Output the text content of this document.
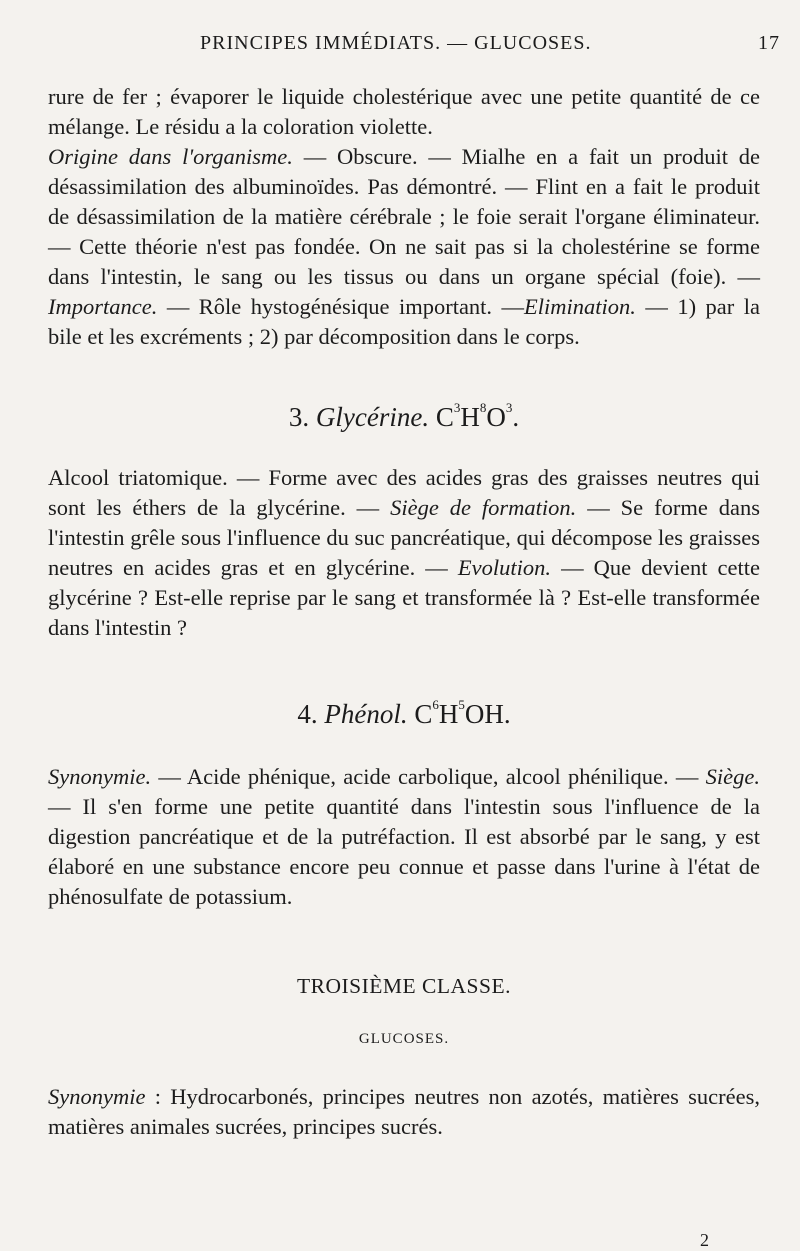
PRINCIPES IMMÉDIATS. — GLUCOSES.	17

rure de fer ; évaporer le liquide cholestérique avec une petite quantité de ce mélange. Le résidu a la coloration violette.

Origine dans l'organisme. — Obscure. — Mialhe en a fait un produit de désassimilation des albuminoïdes. Pas démontré. — Flint en a fait le produit de désassimilation de la matière cérébrale ; le foie serait l'organe éliminateur. — Cette théorie n'est pas fondée. On ne sait pas si la cholestérine se forme dans l'intestin, le sang ou les tissus ou dans un organe spécial (foie). — Importance. — Rôle hystogénésique important. —Elimination. — 1) par la bile et les excréments ; 2) par décomposition dans le corps.

3. Glycérine. $C^3H^8O^3$.

Alcool triatomique. — Forme avec des acides gras des graisses neutres qui sont les éthers de la glycérine. — Siège de formation. — Se forme dans l'intestin grêle sous l'influence du suc pancréatique, qui décompose les graisses neutres en acides gras et en glycérine. — Evolution. — Que devient cette glycérine ? Est-elle reprise par le sang et transformée là ? Est-elle transformée dans l'intestin ?

4. Phénol. $C^6H^5OH$.

Synonymie. — Acide phénique, acide carbolique, alcool phénilique. — Siège. — Il s'en forme une petite quantité dans l'intestin sous l'influence de la digestion pancréatique et de la putréfaction. Il est absorbé par le sang, y est élaboré en une substance encore peu connue et passe dans l'urine à l'état de phénosulfate de potassium.

TROISIÈME CLASSE.
GLUCOSES.

Synonymie : Hydrocarbonés, principes neutres non azotés, matières sucrées, matières animales sucrées, principes sucrés.

2
